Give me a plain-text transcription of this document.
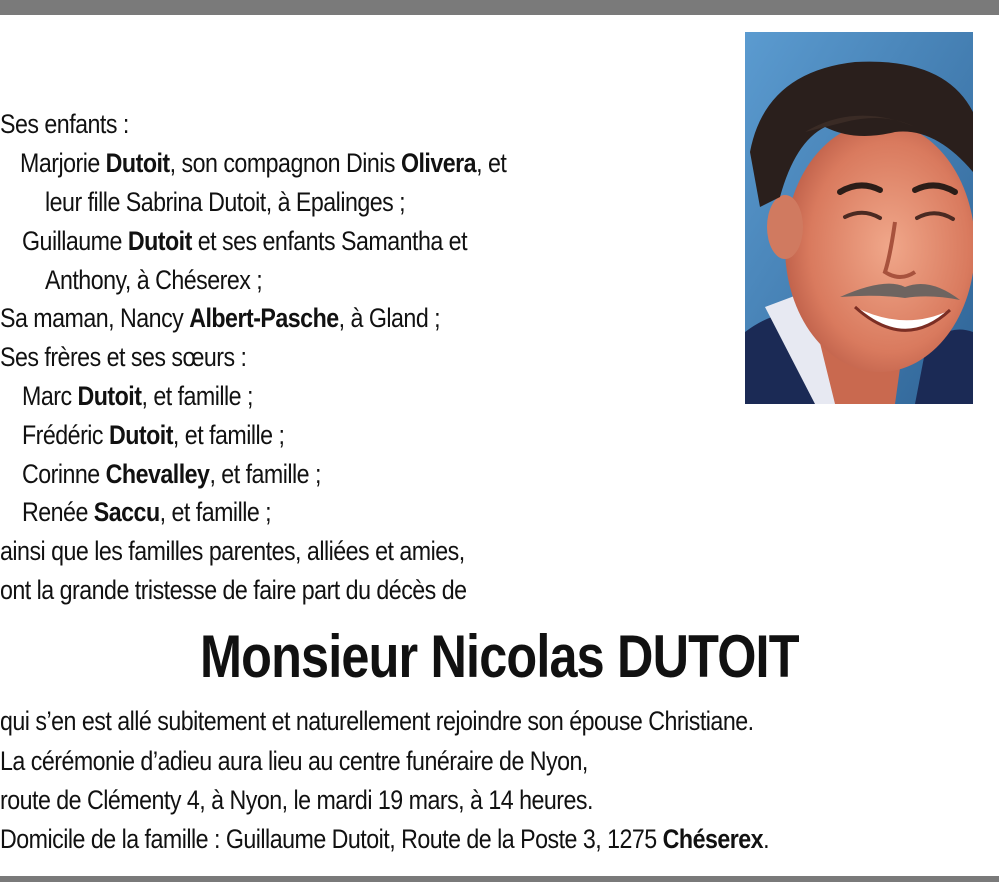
Ses enfants :
Marjorie Dutoit, son compagnon Dinis Olivera, et
leur fille Sabrina Dutoit, à Epalinges ;
Guillaume Dutoit et ses enfants Samantha et
Anthony, à Chéserex ;
Sa maman, Nancy Albert-Pasche, à Gland ;
Ses frères et ses sœurs :
Marc Dutoit, et famille ;
Frédéric Dutoit, et famille ;
Corinne Chevalley, et famille ;
Renée Saccu, et famille ;
ainsi que les familles parentes, alliées et amies,
ont la grande tristesse de faire part du décès de
Monsieur Nicolas DUTOIT
qui s’en est allé subitement et naturellement rejoindre son épouse Christiane.
La cérémonie d’adieu aura lieu au centre funéraire de Nyon,
route de Clémenty 4, à Nyon, le mardi 19 mars, à 14 heures.
Domicile de la famille : Guillaume Dutoit, Route de la Poste 3, 1275 Chéserex.
